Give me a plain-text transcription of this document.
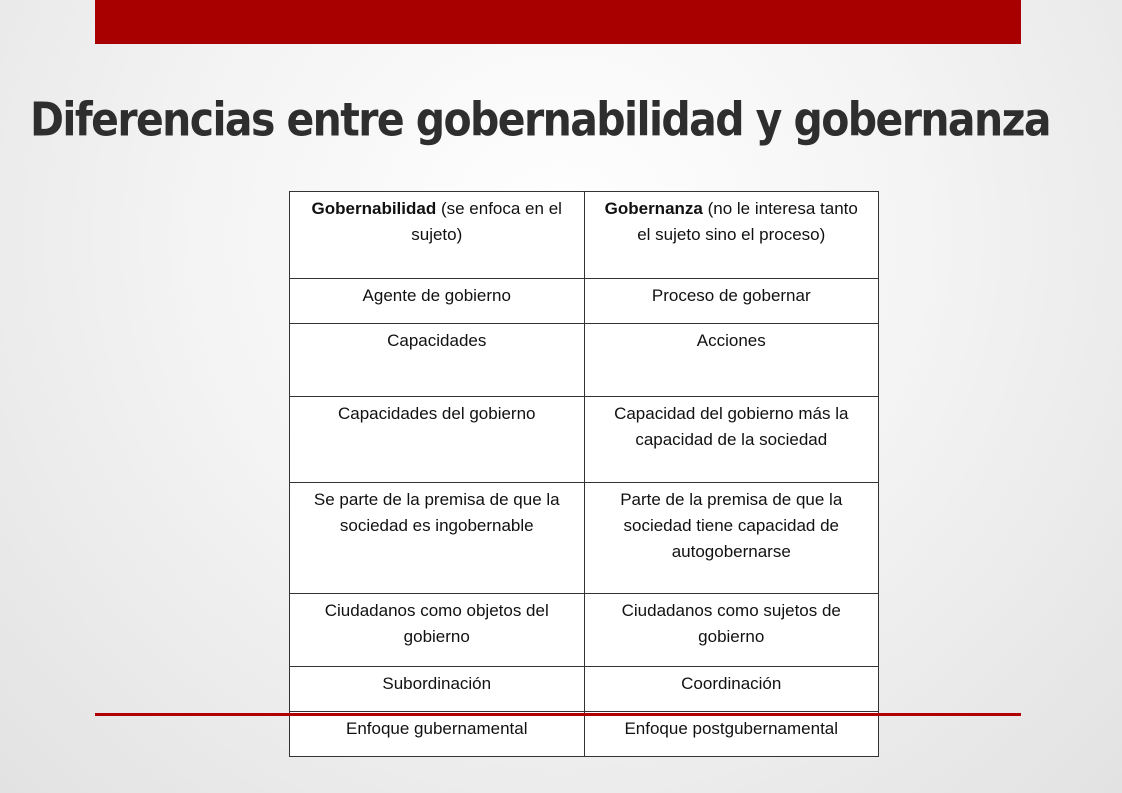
Diferencias entre gobernabilidad y gobernanza
Gobernabilidad (se enfoca en el sujeto)	Gobernanza (no le interesa tanto el sujeto sino el proceso)
Agente de gobierno	Proceso de gobernar
Capacidades	Acciones
Capacidades del gobierno	Capacidad del gobierno más la capacidad de la sociedad
Se parte de la premisa de que la sociedad es ingobernable	Parte de la premisa de que la sociedad tiene capacidad de autogobernarse
Ciudadanos como objetos del gobierno	Ciudadanos como sujetos de gobierno
Subordinación	Coordinación
Enfoque gubernamental	Enfoque postgubernamental
